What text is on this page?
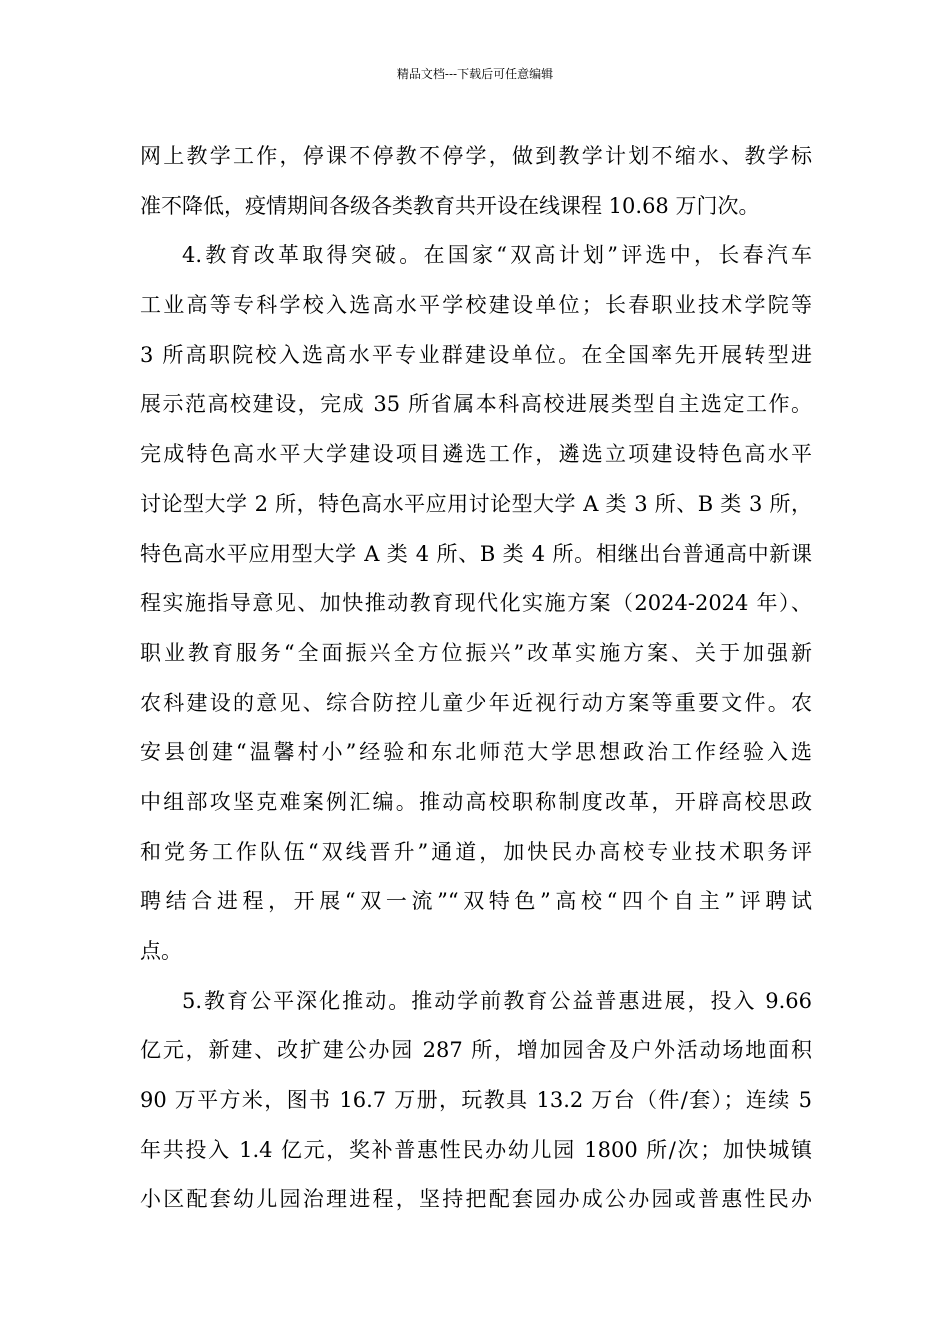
精品文档---下载后可任意编辑
网上教学工作，停课不停教不停学，做到教学计划不缩水、教学标
准不降低，疫情期间各级各类教育共开设在线课程 10.68 万门次。
4.教育改革取得突破。在国家“双高计划”评选中，长春汽车
工业高等专科学校入选高水平学校建设单位；长春职业技术学院等
3 所高职院校入选高水平专业群建设单位。在全国率先开展转型进
展示范高校建设，完成 35 所省属本科高校进展类型自主选定工作。
完成特色高水平大学建设项目遴选工作，遴选立项建设特色高水平
讨论型大学 2 所，特色高水平应用讨论型大学 A 类 3 所、B 类 3 所，
特色高水平应用型大学 A 类 4 所、B 类 4 所。相继出台普通高中新课
程实施指导意见、加快推动教育现代化实施方案（2024-2024 年）、
职业教育服务“全面振兴全方位振兴”改革实施方案、关于加强新
农科建设的意见、综合防控儿童少年近视行动方案等重要文件。农
安县创建“温馨村小”经验和东北师范大学思想政治工作经验入选
中组部攻坚克难案例汇编。推动高校职称制度改革，开辟高校思政
和党务工作队伍“双线晋升”通道，加快民办高校专业技术职务评
聘结合进程，开展“双一流”“双特色”高校“四个自主”评聘试
点。
5.教育公平深化推动。推动学前教育公益普惠进展，投入 9.66
亿元，新建、改扩建公办园 287 所，增加园舍及户外活动场地面积
90 万平方米，图书 16.7 万册，玩教具 13.2 万台（件/套）；连续 5
年共投入 1.4 亿元，奖补普惠性民办幼儿园 1800 所/次；加快城镇
小区配套幼儿园治理进程，坚持把配套园办成公办园或普惠性民办
